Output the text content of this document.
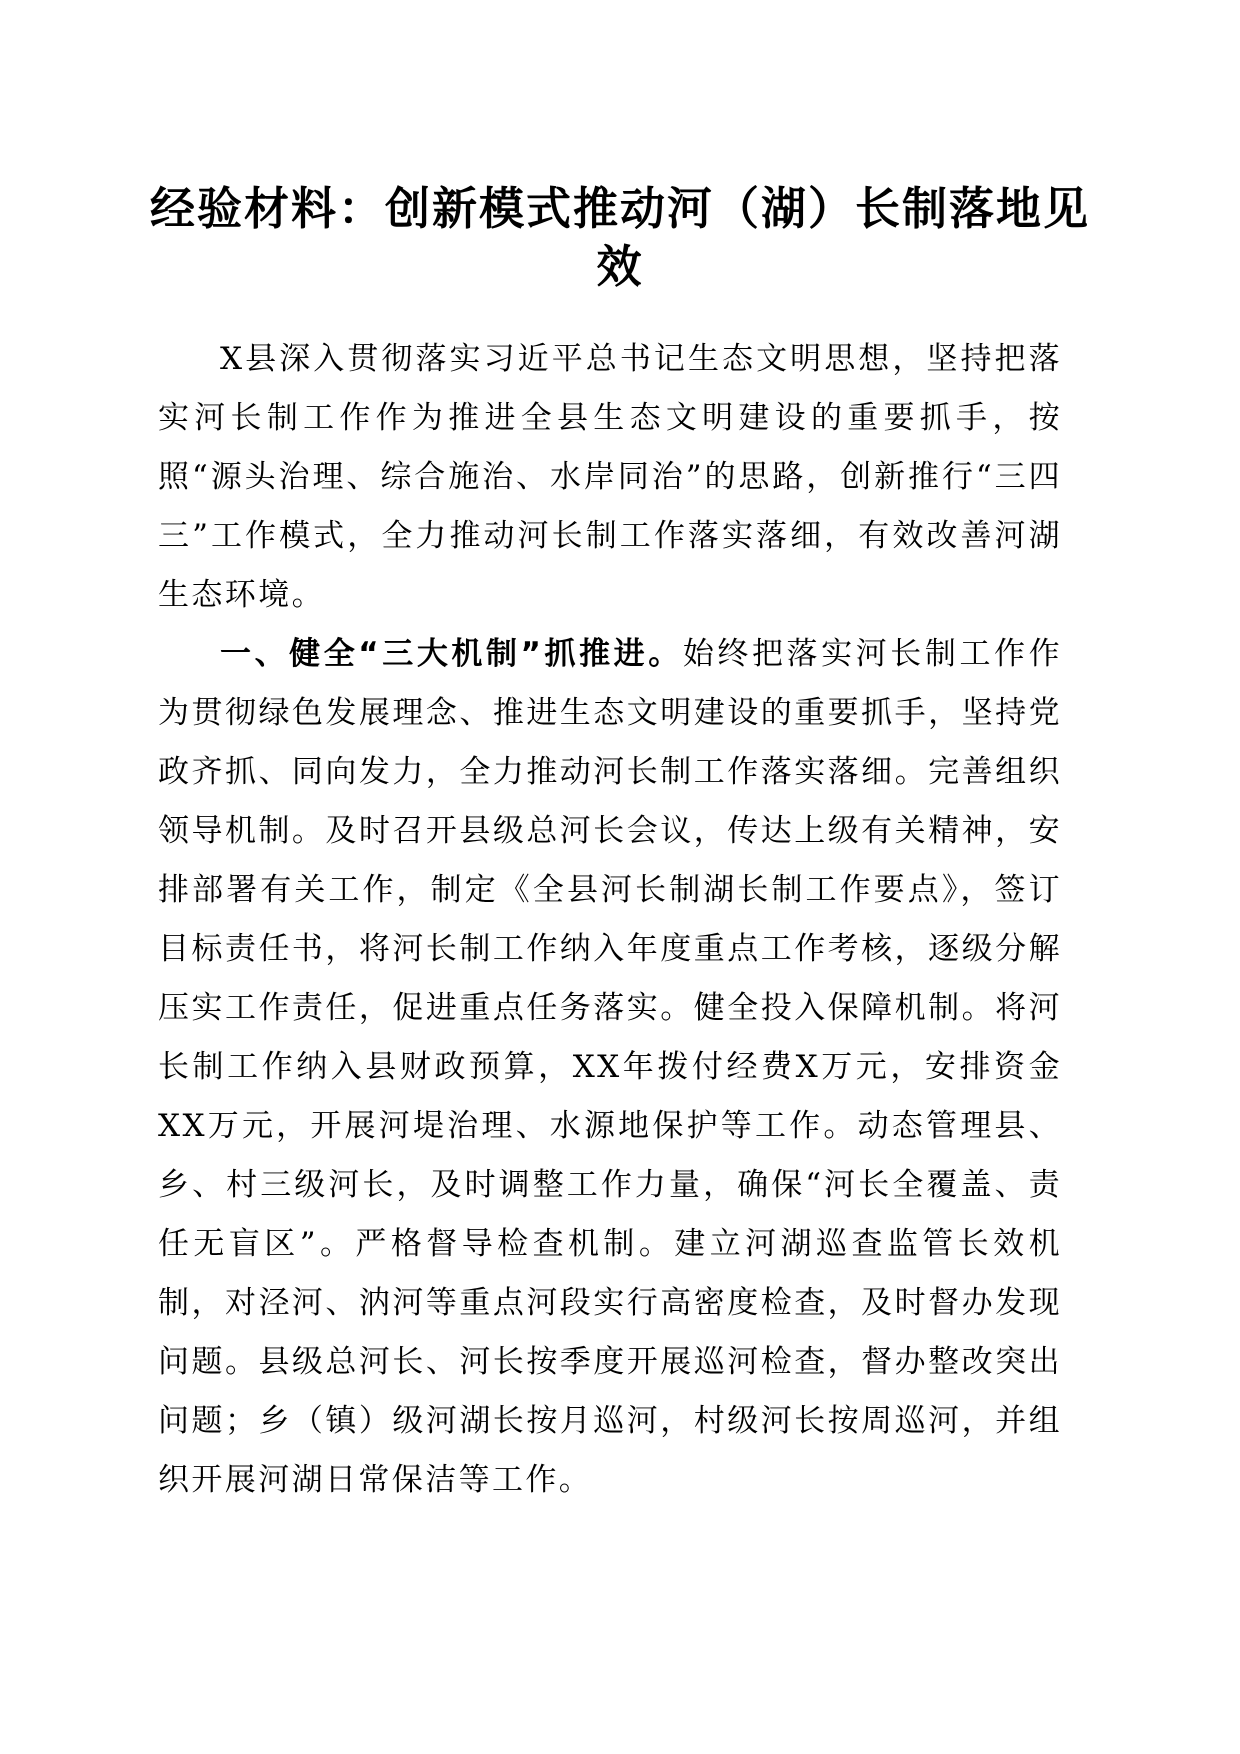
经验材料：创新模式推动河（湖）长制落地见效

X县深入贯彻落实习近平总书记生态文明思想，坚持把落实河长制工作作为推进全县生态文明建设的重要抓手，按照“源头治理、综合施治、水岸同治”的思路，创新推行“三四三”工作模式，全力推动河长制工作落实落细，有效改善河湖生态环境。

一、健全“三大机制”抓推进。始终把落实河长制工作作为贯彻绿色发展理念、推进生态文明建设的重要抓手，坚持党政齐抓、同向发力，全力推动河长制工作落实落细。完善组织领导机制。及时召开县级总河长会议，传达上级有关精神，安排部署有关工作，制定《全县河长制湖长制工作要点》，签订目标责任书，将河长制工作纳入年度重点工作考核，逐级分解压实工作责任，促进重点任务落实。健全投入保障机制。将河长制工作纳入县财政预算，XX年拨付经费X万元，安排资金XX万元，开展河堤治理、水源地保护等工作。动态管理县、乡、村三级河长，及时调整工作力量，确保“河长全覆盖、责任无盲区”。严格督导检查机制。建立河湖巡查监管长效机制，对泾河、汭河等重点河段实行高密度检查，及时督办发现问题。县级总河长、河长按季度开展巡河检查，督办整改突出问题；乡（镇）级河湖长按月巡河，村级河长按周巡河，并组织开展河湖日常保洁等工作。
